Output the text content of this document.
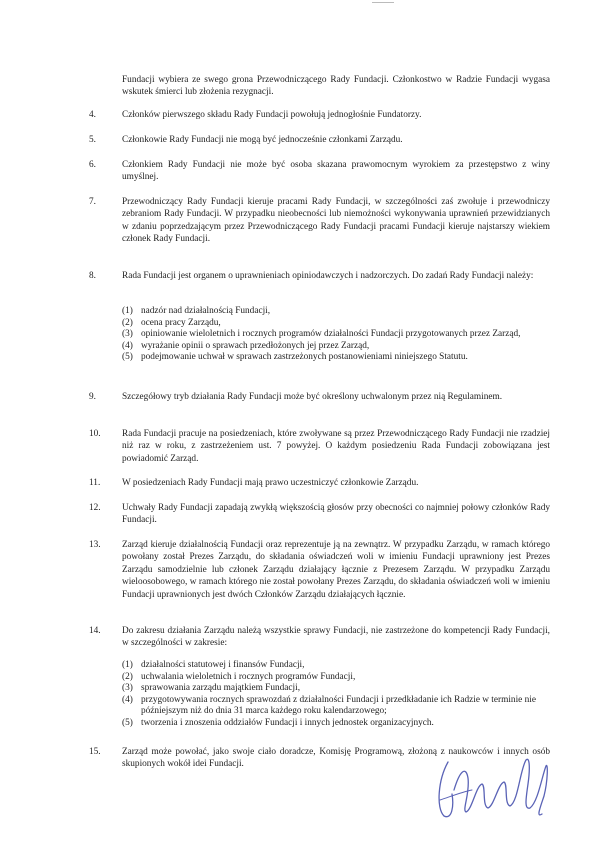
Fundacji wybiera ze swego grona Przewodniczącego Rady Fundacji. Członkostwo w Radzie Fundacji wygasa wskutek śmierci lub złożenia rezygnacji.
4.	Członków pierwszego składu Rady Fundacji powołują jednogłośnie Fundatorzy.
5.	Członkowie Rady Fundacji nie mogą być jednocześnie członkami Zarządu.
6.	Członkiem Rady Fundacji nie może być osoba skazana prawomocnym wyrokiem za przestępstwo z winy umyślnej.
7.	Przewodniczący Rady Fundacji kieruje pracami Rady Fundacji, w szczególności zaś zwołuje i przewodniczy zebraniom Rady Fundacji. W przypadku nieobecności lub niemożności wykonywania uprawnień przewidzianych w zdaniu poprzedzającym przez Przewodniczącego Rady Fundacji pracami Fundacji kieruje najstarszy wiekiem członek Rady Fundacji.
8.	Rada Fundacji jest organem o uprawnieniach opiniodawczych i nadzorczych. Do zadań Rady Fundacji należy:
(1) nadzór nad działalnością Fundacji,
(2) ocena pracy Zarządu,
(3) opiniowanie wieloletnich i rocznych programów działalności Fundacji przygotowanych przez Zarząd,
(4) wyrażanie opinii o sprawach przedłożonych jej przez Zarząd,
(5) podejmowanie uchwał w sprawach zastrzeżonych postanowieniami niniejszego Statutu.
9.	Szczegółowy tryb działania Rady Fundacji może być określony uchwalonym przez nią Regulaminem.
10. Rada Fundacji pracuje na posiedzeniach, które zwoływane są przez Przewodniczącego Rady Fundacji nie rzadziej niż raz w roku, z zastrzeżeniem ust. 7 powyżej. O każdym posiedzeniu Rada Fundacji zobowiązana jest powiadomić Zarząd.
11. W posiedzeniach Rady Fundacji mają prawo uczestniczyć członkowie Zarządu.
12. Uchwały Rady Fundacji zapadają zwykłą większością głosów przy obecności co najmniej połowy członków Rady Fundacji.
13. Zarząd kieruje działalnością Fundacji oraz reprezentuje ją na zewnątrz. W przypadku Zarządu, w ramach którego powołany został Prezes Zarządu, do składania oświadczeń woli w imieniu Fundacji uprawniony jest Prezes Zarządu samodzielnie lub członek Zarządu działający łącznie z Prezesem Zarządu. W przypadku Zarządu wieloosobowego, w ramach którego nie został powołany Prezes Zarządu, do składania oświadczeń woli w imieniu Fundacji uprawnionych jest dwóch Członków Zarządu działających łącznie.
14. Do zakresu działania Zarządu należą wszystkie sprawy Fundacji, nie zastrzeżone do kompetencji Rady Fundacji, w szczególności w zakresie:
(1) działalności statutowej i finansów Fundacji,
(2) uchwalania wieloletnich i rocznych programów Fundacji,
(3) sprawowania zarządu majątkiem Fundacji,
(4) przygotowywania rocznych sprawozdań z działalności Fundacji i przedkładanie ich Radzie w terminie nie późniejszym niż do dnia 31 marca każdego roku kalendarzowego;
(5) tworzenia i znoszenia oddziałów Fundacji i innych jednostek organizacyjnych.
15. Zarząd może powołać, jako swoje ciało doradcze, Komisję Programową, złożoną z naukowców i innych osób skupionych wokół idei Fundacji.
